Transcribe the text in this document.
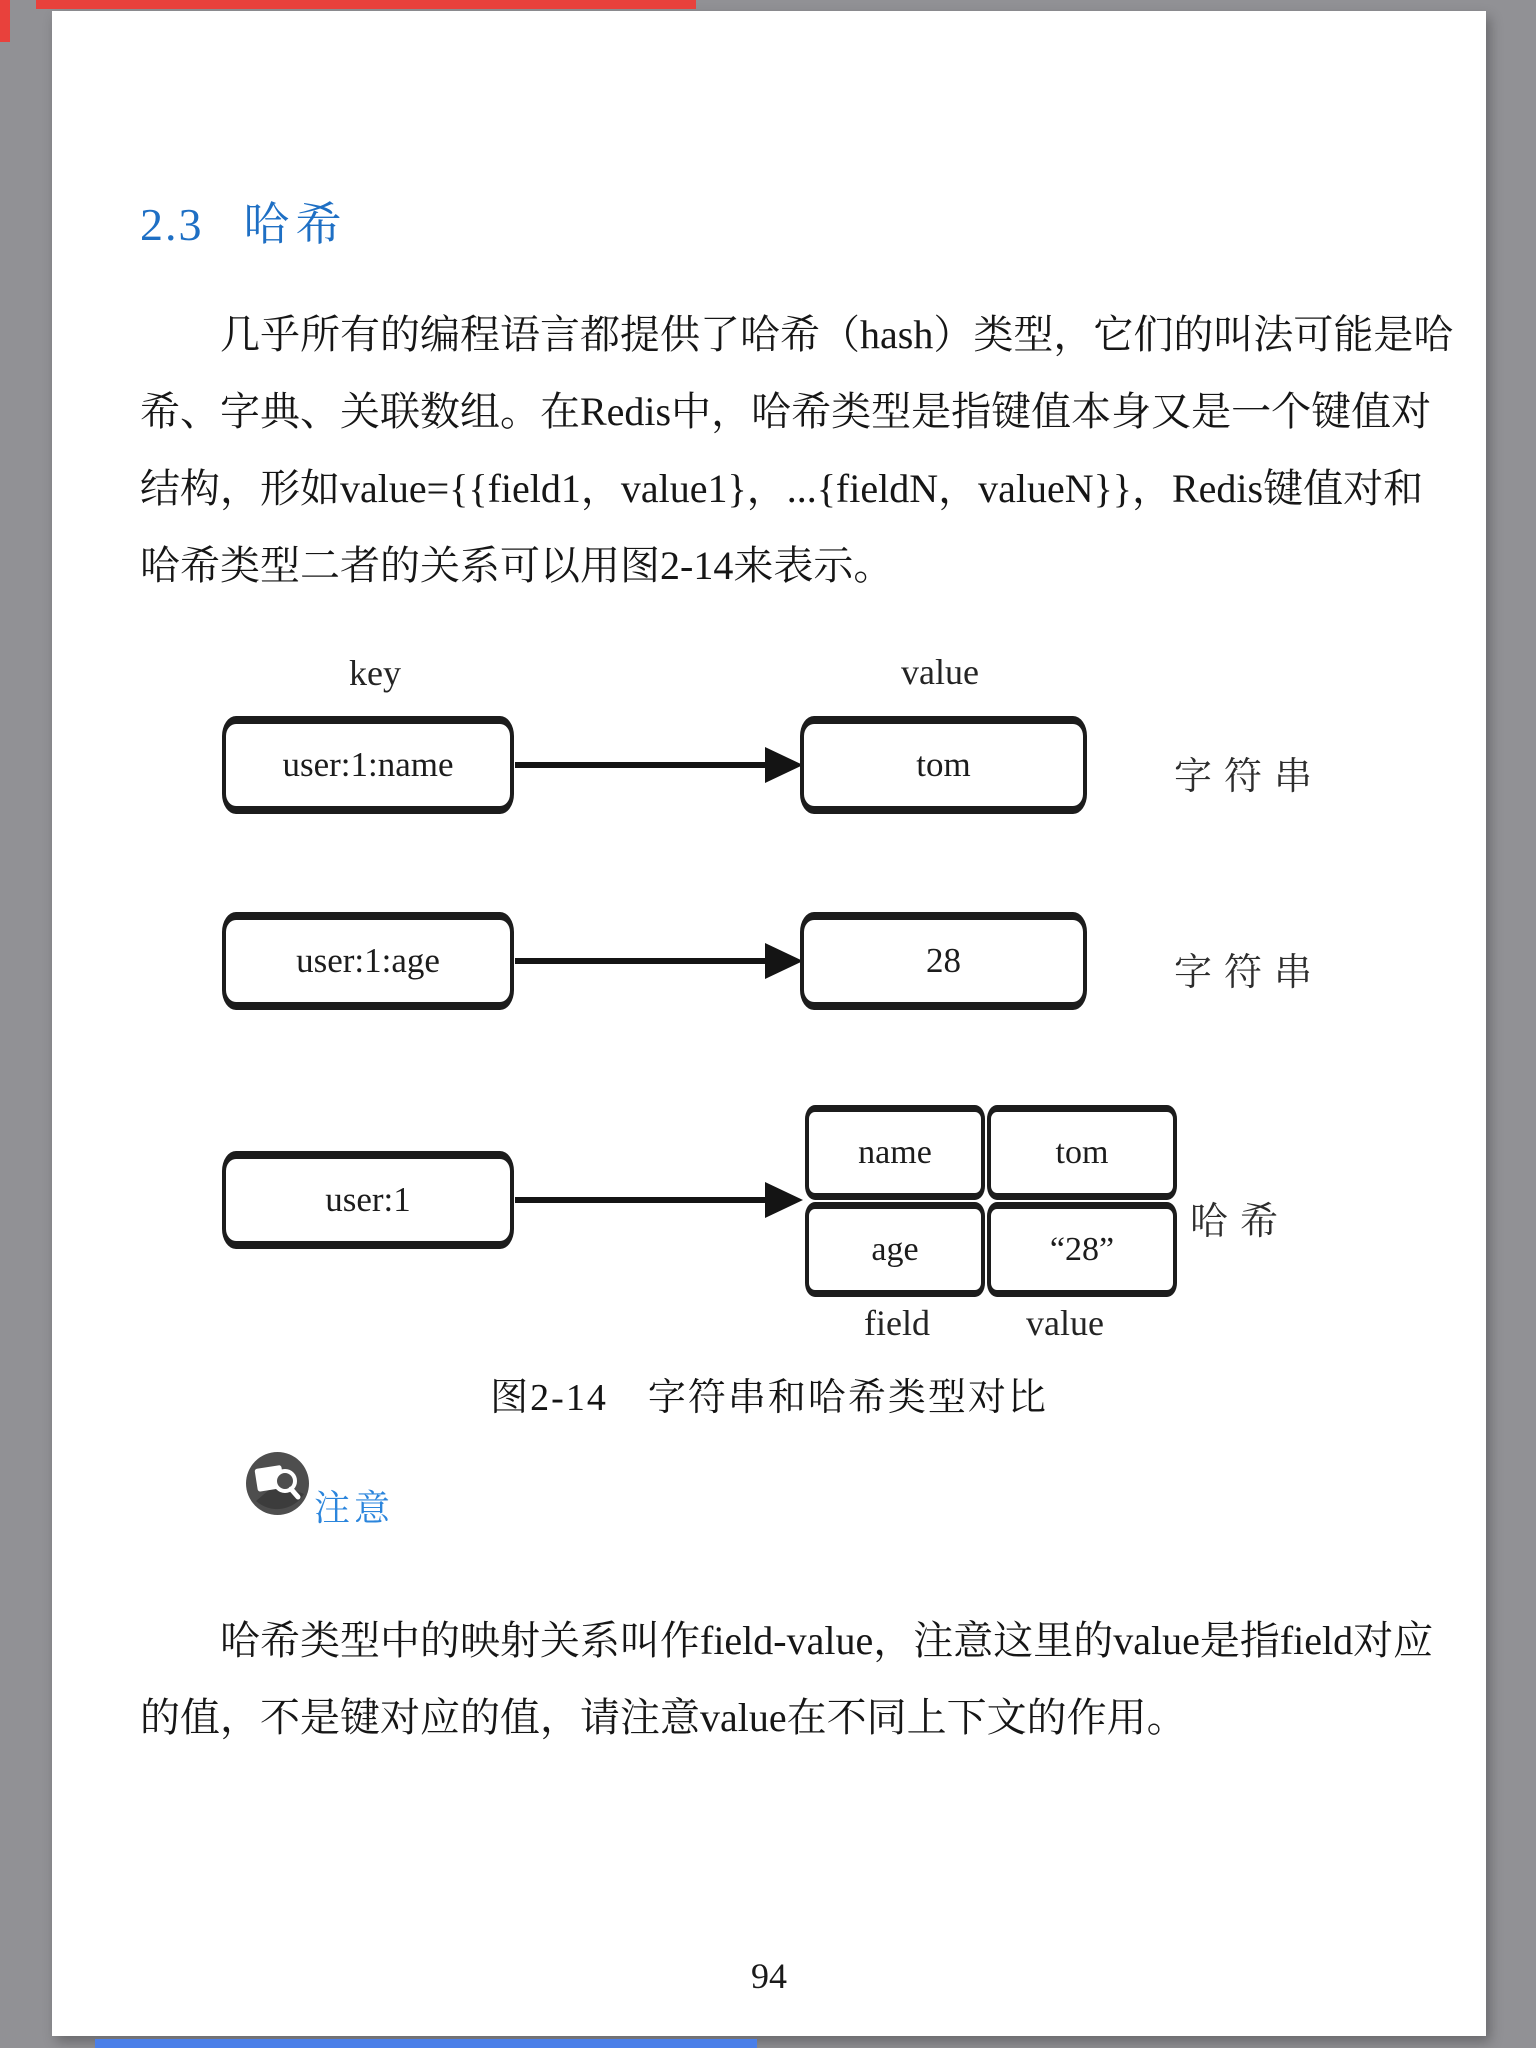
2.3 哈希
几乎所有的编程语言都提供了哈希（hash）类型，它们的叫法可能是哈
希、字典、关联数组。在Redis中，哈希类型是指键值本身又是一个键值对
结构，形如value={{field1，value1}，...{fieldN，valueN}}，Redis键值对和
哈希类型二者的关系可以用图2-14来表示。
key	value
user:1:name	tom	字符串
user:1:age	28	字符串
user:1
name	tom
age	“28”
哈希
field	value
图2-14　字符串和哈希类型对比
注意
哈希类型中的映射关系叫作field-value，注意这里的value是指field对应
的值，不是键对应的值，请注意value在不同上下文的作用。
94
